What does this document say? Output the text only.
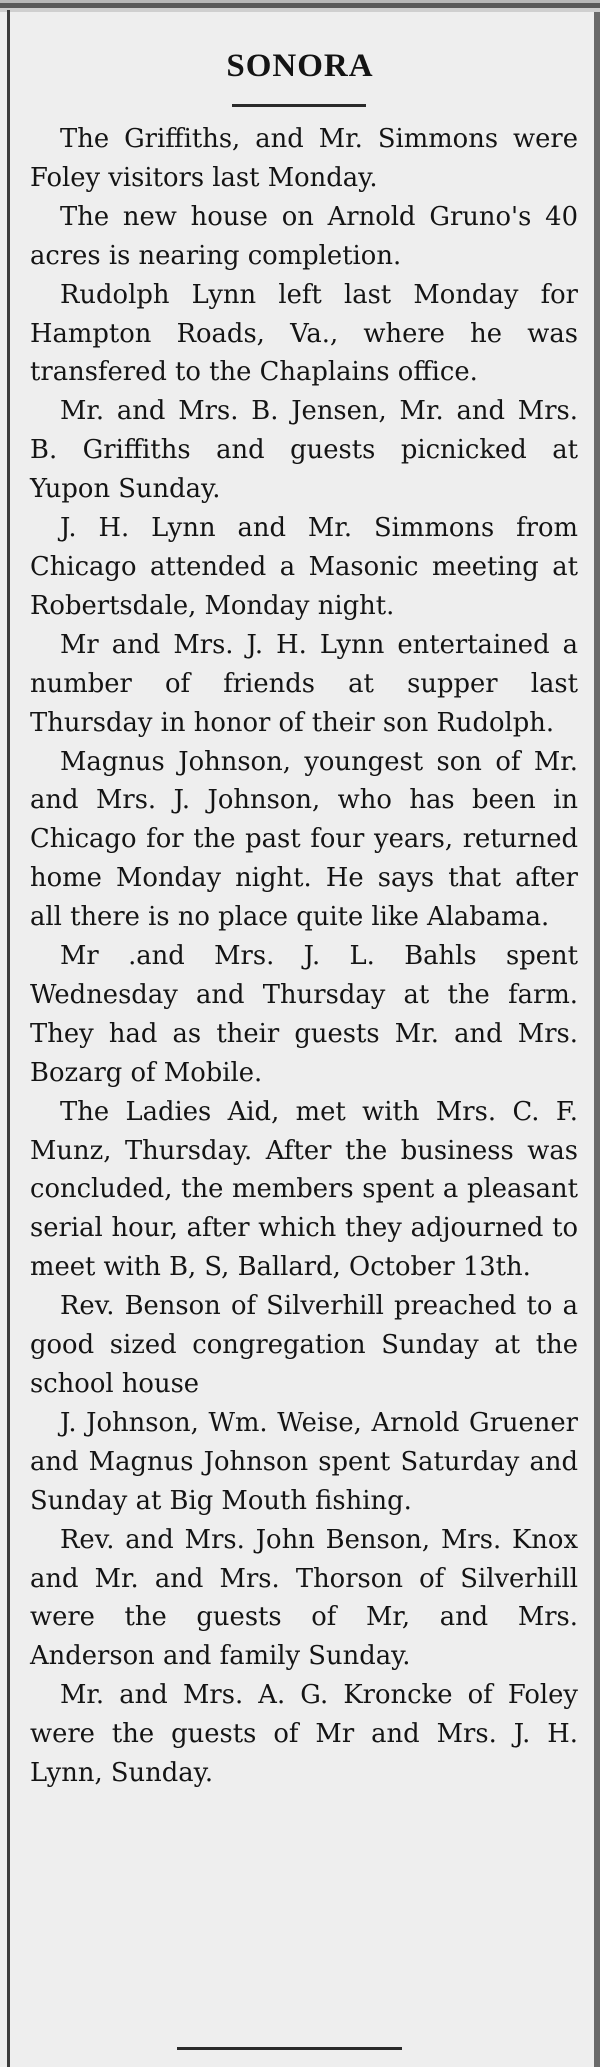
SONORA

The Griffiths, and Mr. Simmons were Foley visitors last Monday.

The new house on Arnold Gruno's 40 acres is nearing completion.

Rudolph Lynn left last Monday for Hampton Roads, Va., where he was transfered to the Chaplains office.

Mr. and Mrs. B. Jensen, Mr. and Mrs. B. Griffiths and guests picnicked at Yupon Sunday.

J. H. Lynn and Mr. Simmons from Chicago attended a Masonic meeting at Robertsdale, Monday night.

Mr and Mrs. J. H. Lynn entertained a number of friends at supper last Thursday in honor of their son Rudolph.

Magnus Johnson, youngest son of Mr. and Mrs. J. Johnson, who has been in Chicago for the past four years, returned home Monday night. He says that after all there is no place quite like Alabama.

Mr .and Mrs. J. L. Bahls spent Wednesday and Thursday at the farm. They had as their guests Mr. and Mrs. Bozarg of Mobile.

The Ladies Aid, met with Mrs. C. F. Munz, Thursday. After the business was concluded, the members spent a pleasant serial hour, after which they adjourned to meet with B, S, Ballard, October 13th.

Rev. Benson of Silverhill preached to a good sized congregation Sunday at the school house

J. Johnson, Wm. Weise, Arnold Gruener and Magnus Johnson spent Saturday and Sunday at Big Mouth fishing.

Rev. and Mrs. John Benson, Mrs. Knox and Mr. and Mrs. Thorson of Silverhill were the guests of Mr, and Mrs. Anderson and family Sunday.

Mr. and Mrs. A. G. Kroncke of Foley were the guests of Mr and Mrs. J. H. Lynn, Sunday.
